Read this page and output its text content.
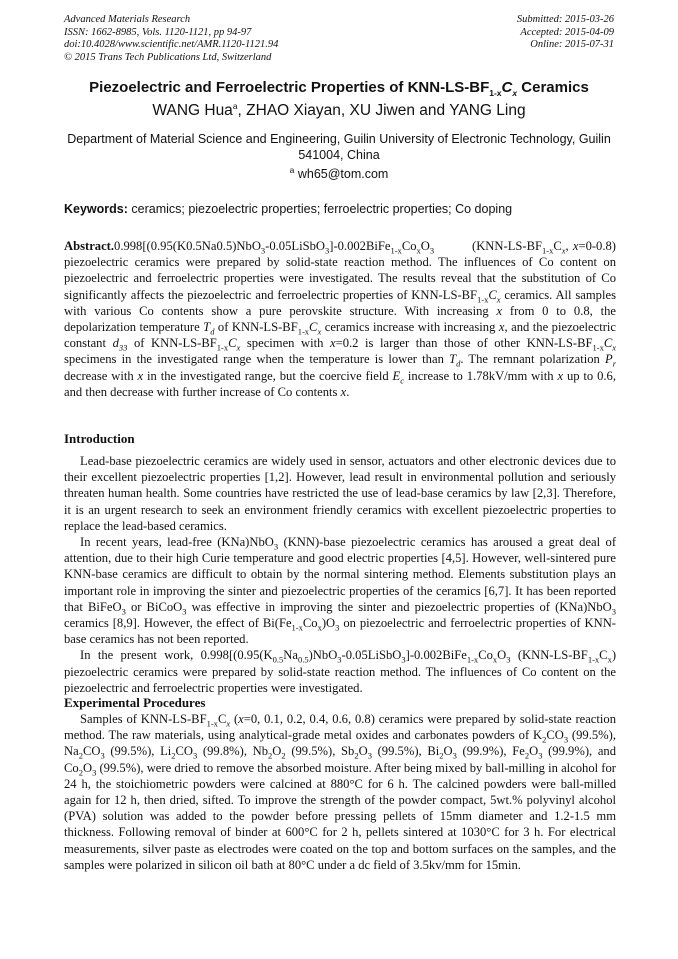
Advanced Materials Research
ISSN: 1662-8985, Vols. 1120-1121, pp 94-97
doi:10.4028/www.scientific.net/AMR.1120-1121.94
© 2015 Trans Tech Publications Ltd, Switzerland
Submitted: 2015-03-26
Accepted: 2015-04-09
Online: 2015-07-31
Piezoelectric and Ferroelectric Properties of KNN-$LS-BF_{1-x}C_x$ Ceramics
WANG Hua$^a$, ZHAO Xiayan, XU Jiwen and YANG Ling
Department of Material Science and Engineering, Guilin University of Electronic Technology, Guilin 541004, China
$^a$ wh65@tom.com
Keywords: ceramics; piezoelectric properties; ferroelectric properties; Co doping

$Abstract.0.998[(0.95(K0.5Na0.5)NbO_3-0.05LiSbO_3]-0.002BiFe_{1-x}Co_xO_3$	($KNN-LS-BF_{1-x}C_x$, x=0-0.8) piezoelectric ceramics were prepared by solid-state reaction method. The influences of Co content on piezoelectric and ferroelectric properties were investigated. The results reveal that the substitution of Co significantly affects the piezoelectric and ferroelectric properties of KNN-$LS-BF_{1-x}C_x$ ceramics. All samples with various Co contents show a pure perovskite structure. With increasing x from 0 to 0.8, the depolarization temperature $T_d$ of KNN-$LS-BF_{1-x}C_x$ ceramics increase with increasing x, and the piezoelectric constant $d_{33}$ of KNN-$LS-BF_{1-x}C_x$ specimen with x=0.2 is larger than those of other KNN-$LS-BF_{1-x}C_x$ specimens in the investigated range when the temperature is lower than $T_d$. The remnant polarization $P_r$ decrease with x in the investigated range, but the coercive field $E_c$ increase to 1.78kV/mm with x up to 0.6, and then decrease with further increase of Co contents x.

Introduction

Lead-base piezoelectric ceramics are widely used in sensor, actuators and other electronic devices due to their excellent piezoelectric properties [1,2]. However, lead result in environmental pollution and seriously threaten human health. Some countries have restricted the use of lead-base ceramics by law [2,3]. Therefore, it is an urgent research to seek an environment friendly ceramics with excellent piezoelectric properties to replace the lead-based ceramics.

In recent years, lead-free (KNa)NbO$_3$ (KNN)-base piezoelectric ceramics has aroused a great deal of attention, due to their high Curie temperature and good electric properties [4,5]. However, well-sintered pure KNN-base ceramics are difficult to obtain by the normal sintering method. Elements substitution plays an important role in improving the sinter and piezoelectric properties of the ceramics [6,7]. It has been reported that BiFeO$_3$ or BiCoO$_3$ was effective in improving the sinter and piezoelectric properties of (KNa)NbO$_3$ ceramics [8,9]. However, the effect of $Bi(Fe_{1-x}Co_x)O_3$ on piezoelectric and ferroelectric properties of KNN-base ceramics has not been reported.

In the present work, $0.998[(0.95(K_{0.5}Na_{0.5})NbO_3-0.05LiSbO_3]-0.002BiFe_{1-x}Co_xO_3$ $(KNN-LS-BF_{1-x}C_x)$ piezoelectric ceramics were prepared by solid-state reaction method. The influences of Co content on the piezoelectric and ferroelectric properties were investigated.

Experimental Procedures

Samples of KNN-$LS-BF_{1-x}C_x$ (x=0, 0.1, 0.2, 0.4, 0.6, 0.8) ceramics were prepared by solid-state reaction method. The raw materials, using analytical-grade metal oxides and carbonates powders of $K_2CO_3$ (99.5%), $Na_2CO_3$ (99.5%), $Li_2CO_3$ (99.8%), $Nb_2O_2$ (99.5%), $Sb_2O_3$ (99.5%), $Bi_2O_3$ (99.9%), $Fe_2O_3$ (99.9%), and $Co_2O_3$ (99.5%), were dried to remove the absorbed moisture. After being mixed by ball-milling in alcohol for 24 h, the stoichiometric powders were calcined at 880°C for 6 h. The calcined powders were ball-milled again for 12 h, then dried, sifted. To improve the strength of the powder compact, 5wt.% polyvinyl alcohol (PVA) solution was added to the powder before pressing pellets of 15mm diameter and 1.2-1.5 mm thickness. Following removal of binder at 600°C for 2 h, pellets sintered at 1030°C for 3 h. For electrical measurements, silver paste as electrodes were coated on the top and bottom surfaces on the samples, and the samples were polarized in silicon oil bath at 80°C under a dc field of 3.5kv/mm for 15min.
